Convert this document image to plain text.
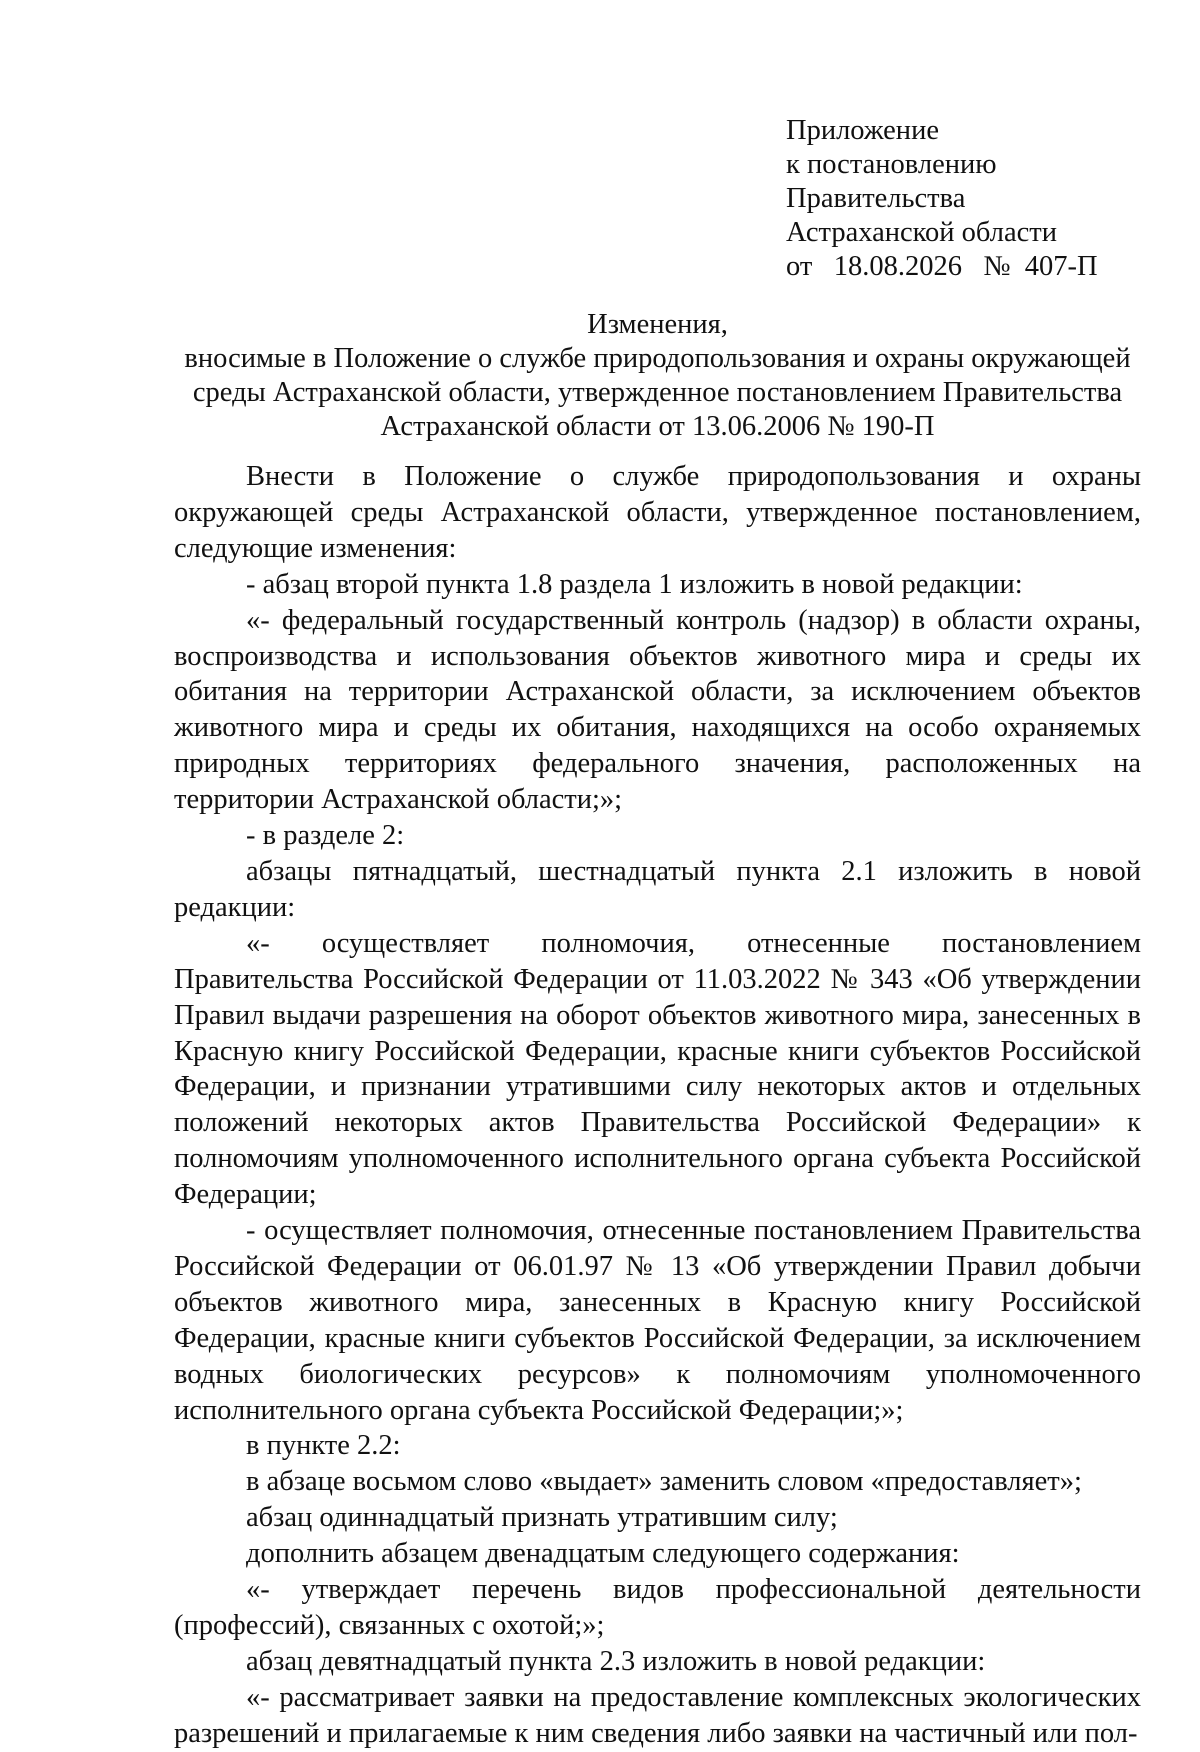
Приложение
к постановлению
Правительства
Астраханской области
от 18.08.2026 № 407-П
Изменения,
вносимые в Положение о службе природопользования и охраны окружающей
среды Астраханской области, утвержденное постановлением Правительства
Астраханской области от 13.06.2006 № 190-П

Внести в Положение о службе природопользования и охраны окружающей среды Астраханской области, утвержденное постановлением, следующие изменения:

- абзац второй пункта 1.8 раздела 1 изложить в новой редакции:

«- федеральный государственный контроль (надзор) в области охраны, воспроизводства и использования объектов животного мира и среды их обитания на территории Астраханской области, за исключением объектов животного мира и среды их обитания, находящихся на особо охраняемых природных территориях федерального значения, расположенных на территории Астраханской области;»;

- в разделе 2:

абзацы пятнадцатый, шестнадцатый пункта 2.1 изложить в новой редакции:

«- осуществляет полномочия, отнесенные постановлением Правительства Российской Федерации от 11.03.2022 № 343 «Об утверждении Правил выдачи разрешения на оборот объектов животного мира, занесенных в Красную книгу Российской Федерации, красные книги субъектов Российской Федерации, и признании утратившими силу некоторых актов и отдельных положений некоторых актов Правительства Российской Федерации» к полномочиям уполномоченного исполнительного органа субъекта Российской Федерации;

- осуществляет полномочия, отнесенные постановлением Правительства Российской Федерации от 06.01.97 № 13 «Об утверждении Правил добычи объектов животного мира, занесенных в Красную книгу Российской Федерации, красные книги субъектов Российской Федерации, за исключением водных биологических ресурсов» к полномочиям уполномоченного исполнительного органа субъекта Российской Федерации;»;

в пункте 2.2:

в абзаце восьмом слово «выдает» заменить словом «предоставляет»;

абзац одиннадцатый признать утратившим силу;

дополнить абзацем двенадцатым следующего содержания:

«- утверждает перечень видов профессиональной деятельности (профессий), связанных с охотой;»;

абзац девятнадцатый пункта 2.3 изложить в новой редакции:

«- рассматривает заявки на предоставление комплексных экологических разрешений и прилагаемые к ним сведения либо заявки на частичный или пол-
